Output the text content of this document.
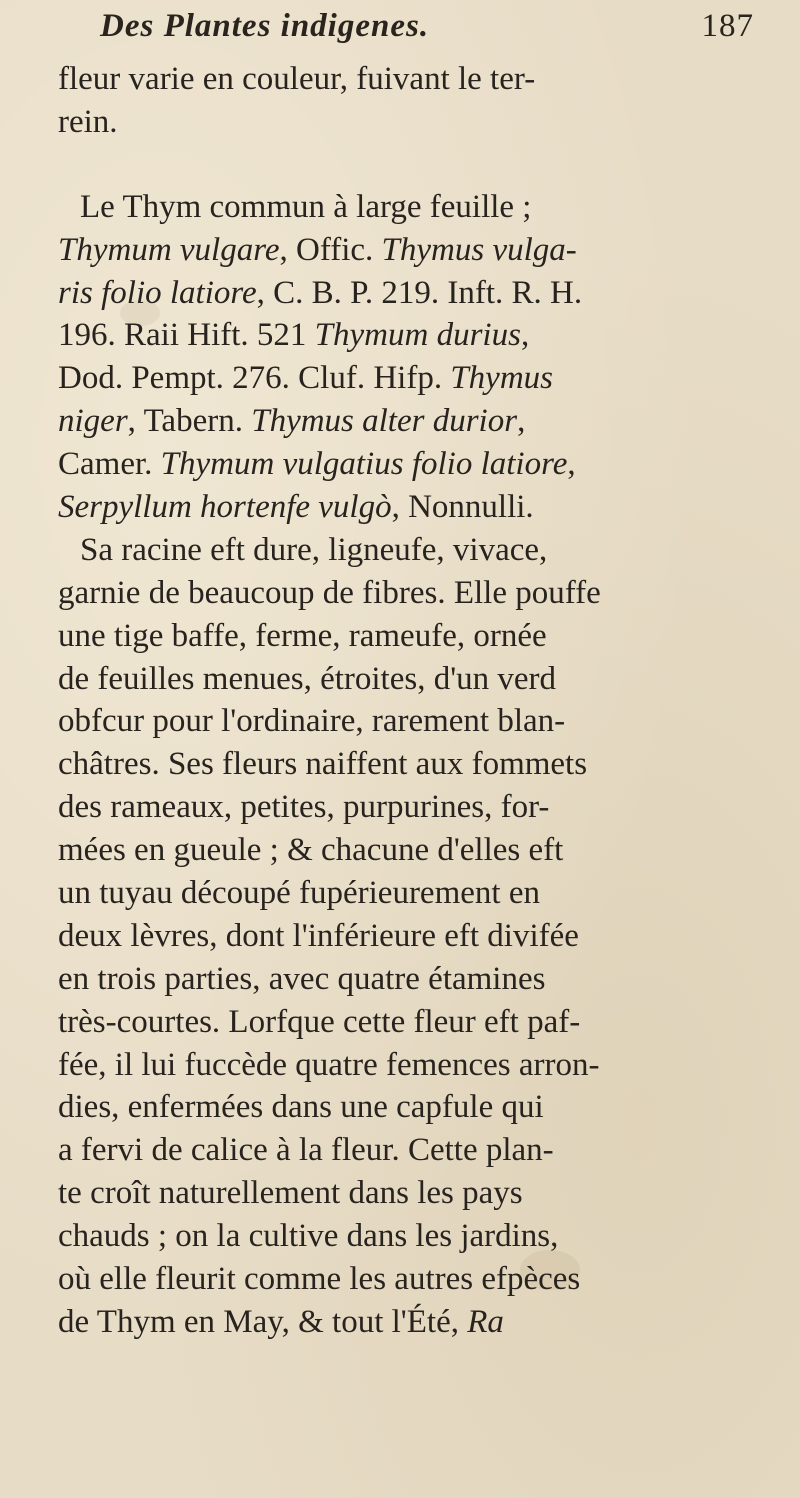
Des Plantes indigenes.	187
fleur varie en couleur, fuivant le ter-
rein.
Le Thym commun à large feuille ;
Thymum vulgare, Offic. Thymus vulga-
ris folio latiore, C. B. P. 219. Inft. R. H.
196. Raii Hift. 521 Thymum durius,
Dod. Pempt. 276. Cluf. Hifp. Thymus
niger, Tabern. Thymus alter durior,
Camer. Thymum vulgatius folio latiore,
Serpyllum hortenfe vulgò, Nonnulli.
Sa racine eft dure, ligneufe, vivace,
garnie de beaucoup de fibres. Elle pouffe
une tige baffe, ferme, rameufe, ornée
de feuilles menues, étroites, d'un verd
obfcur pour l'ordinaire, rarement blan-
châtres. Ses fleurs naiffent aux fommets
des rameaux, petites, purpurines, for-
mées en gueule ; & chacune d'elles eft
un tuyau découpé fupérieurement en
deux lèvres, dont l'inférieure eft divifée
en trois parties, avec quatre étamines
très-courtes. Lorfque cette fleur eft paf-
fée, il lui fuccède quatre femences arron-
dies, enfermées dans une capfule qui
a fervi de calice à la fleur. Cette plan-
te croît naturellement dans les pays
chauds ; on la cultive dans les jardins,
où elle fleurit comme les autres efpèces
de Thym en May, & tout l'Été, Ra
